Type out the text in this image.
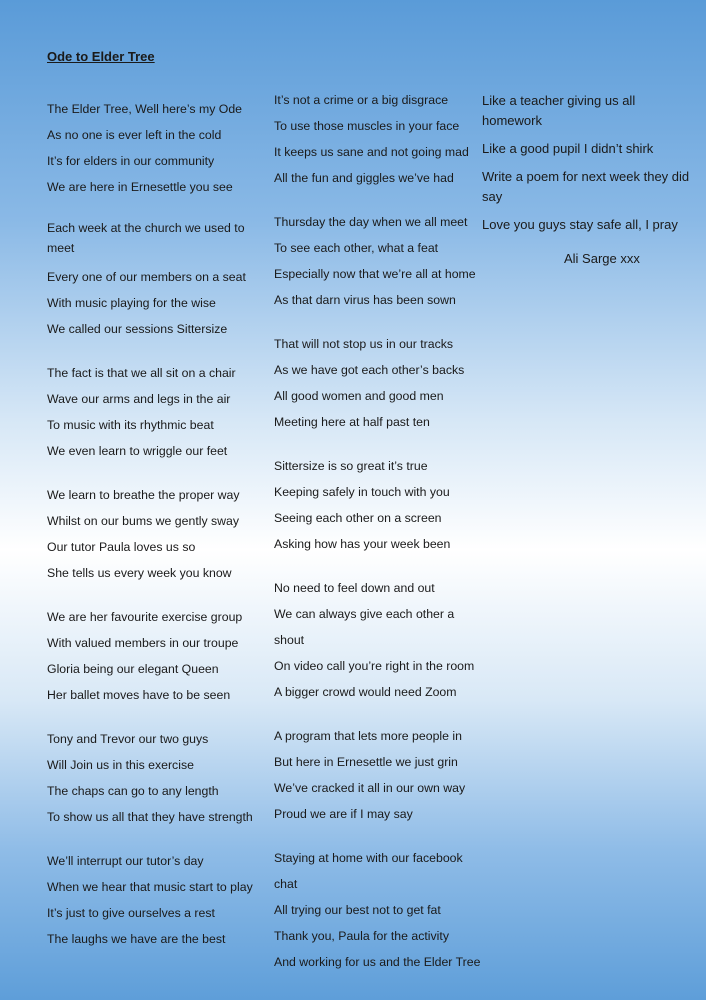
Ode to Elder Tree
The Elder Tree, Well here’s my Ode
As no one is ever left in the cold
It’s for elders in our community
We are here in Ernesettle you see
Each week at the church we used to meet
Every one of our members on a seat
With music playing for the wise
We called our sessions Sittersize
The fact is that we all sit on a chair
Wave our arms and legs in the air
To music with its rhythmic beat
We even learn to wriggle our feet
We learn to breathe the proper way
Whilst on our bums we gently sway
Our tutor Paula loves us so
She tells us every week you know
We are her favourite exercise group
With valued members in our troupe
Gloria being our elegant Queen
Her ballet moves have to be seen
Tony and Trevor our two guys
Will Join us in this exercise
The chaps can go to any length
To show us all that they have strength
We’ll interrupt our tutor’s day
When we hear that music start to play
It’s just to give ourselves a rest
The laughs we have are the best
It’s not a crime or a big disgrace
To use those muscles in your face
It keeps us sane and not going mad
All the fun and giggles we’ve had
Thursday the day when we all meet
To see each other, what a feat
Especially now that we’re all at home
As that darn virus has been sown
That will not stop us in our tracks
As we have got each other’s backs
All good women and good men
Meeting here at half past ten
Sittersize is so great it’s true
Keeping safely in touch with you
Seeing each other on a screen
Asking how has your week been
No need to feel down and out
We can always give each other a shout
On video call you’re right in the room
A bigger crowd would need Zoom
A program that lets more people in
But here in Ernesettle we just grin
We’ve cracked it all in our own way
Proud we are if I may say
Staying at home with our facebook chat
All trying our best not to get fat
Thank you, Paula for the activity
And working for us and the Elder Tree
Like a teacher giving us all homework
Like a good pupil I didn’t shirk
Write a poem for next week they did say
Love you guys stay safe all, I pray
Ali Sarge xxx
